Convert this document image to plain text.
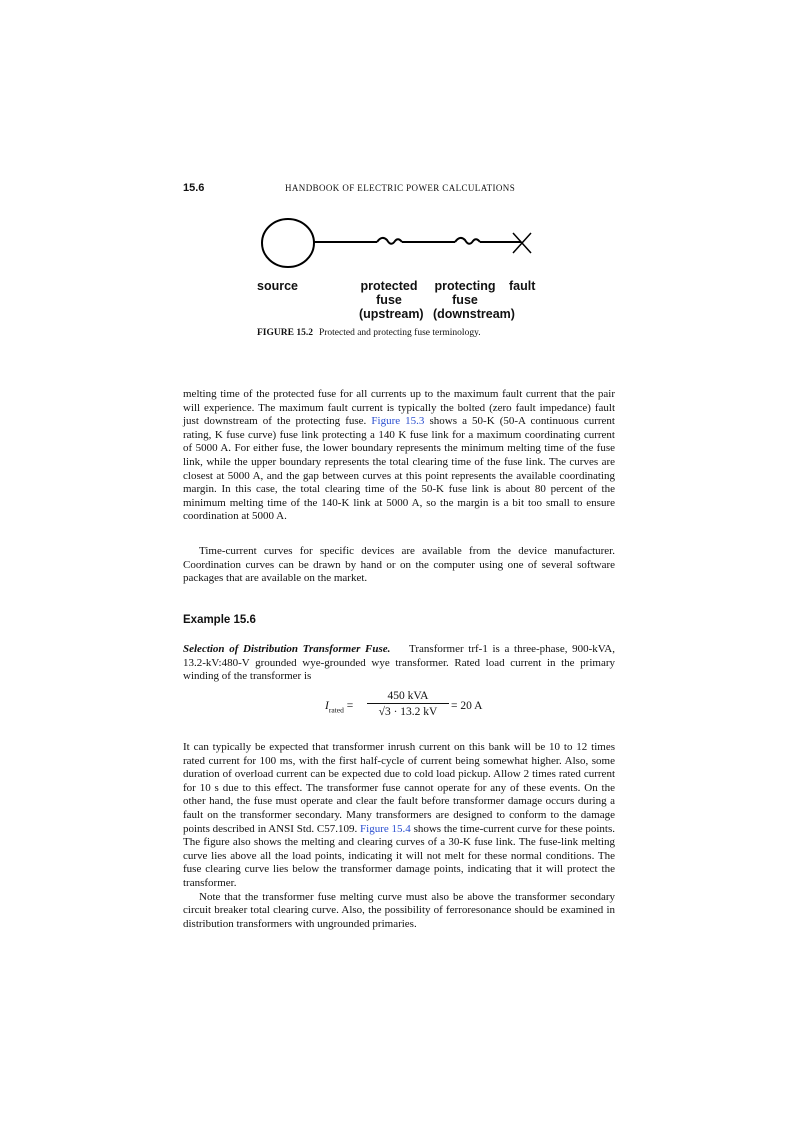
15.6	HANDBOOK OF ELECTRIC POWER CALCULATIONS
source	protected
fuse
(upstream)
protecting
fuse
(downstream)
fault
FIGURE 15.2 Protected and protecting fuse terminology.

melting time of the protected fuse for all currents up to the maximum fault current that the pair will experience. The maximum fault current is typically the bolted (zero fault impedance) fault just downstream of the protecting fuse. Figure 15.3 shows a 50-K (50-A continuous current rating, K fuse curve) fuse link protecting a 140 K fuse link for a maximum coordinating current of 5000 A. For either fuse, the lower boundary represents the minimum melting time of the fuse link, while the upper boundary represents the total clearing time of the fuse link. The curves are closest at 5000 A, and the gap between curves at this point represents the available coordinating margin. In this case, the total clearing time of the 50-K fuse link is about 80 percent of the minimum melting time of the 140-K link at 5000 A, so the margin is a bit too small to ensure coordination at 5000 A.

Time-current curves for specific devices are available from the device manufacturer. Coordination curves can be drawn by hand or on the computer using one of several software packages that are available on the market.

Example 15.6

Selection of Distribution Transformer Fuse. Transformer trf-1 is a three-phase, 900-kVA, 13.2-kV:480-V grounded wye-grounded wye transformer. Rated load current in the primary winding of the transformer is

$I_{rated}$ =
450 kVA
√3 · 13.2 kV	= 20 A

It can typically be expected that transformer inrush current on this bank will be 10 to 12 times rated current for 100 ms, with the first half-cycle of current being somewhat higher. Also, some duration of overload current can be expected due to cold load pickup. Allow 2 times rated current for 10 s due to this effect. The transformer fuse cannot operate for any of these events. On the other hand, the fuse must operate and clear the fault before transformer damage occurs during a fault on the transformer secondary. Many transformers are designed to conform to the damage points described in ANSI Std. C57.109. Figure 15.4 shows the time-current curve for these points. The figure also shows the melting and clearing curves of a 30-K fuse link. The fuse-link melting curve lies above all the load points, indicating it will not melt for these normal conditions. The fuse clearing curve lies below the transformer damage points, indicating that it will protect the transformer.

Note that the transformer fuse melting curve must also be above the transformer secondary circuit breaker total clearing curve. Also, the possibility of ferroresonance should be examined in distribution transformers with ungrounded primaries.
